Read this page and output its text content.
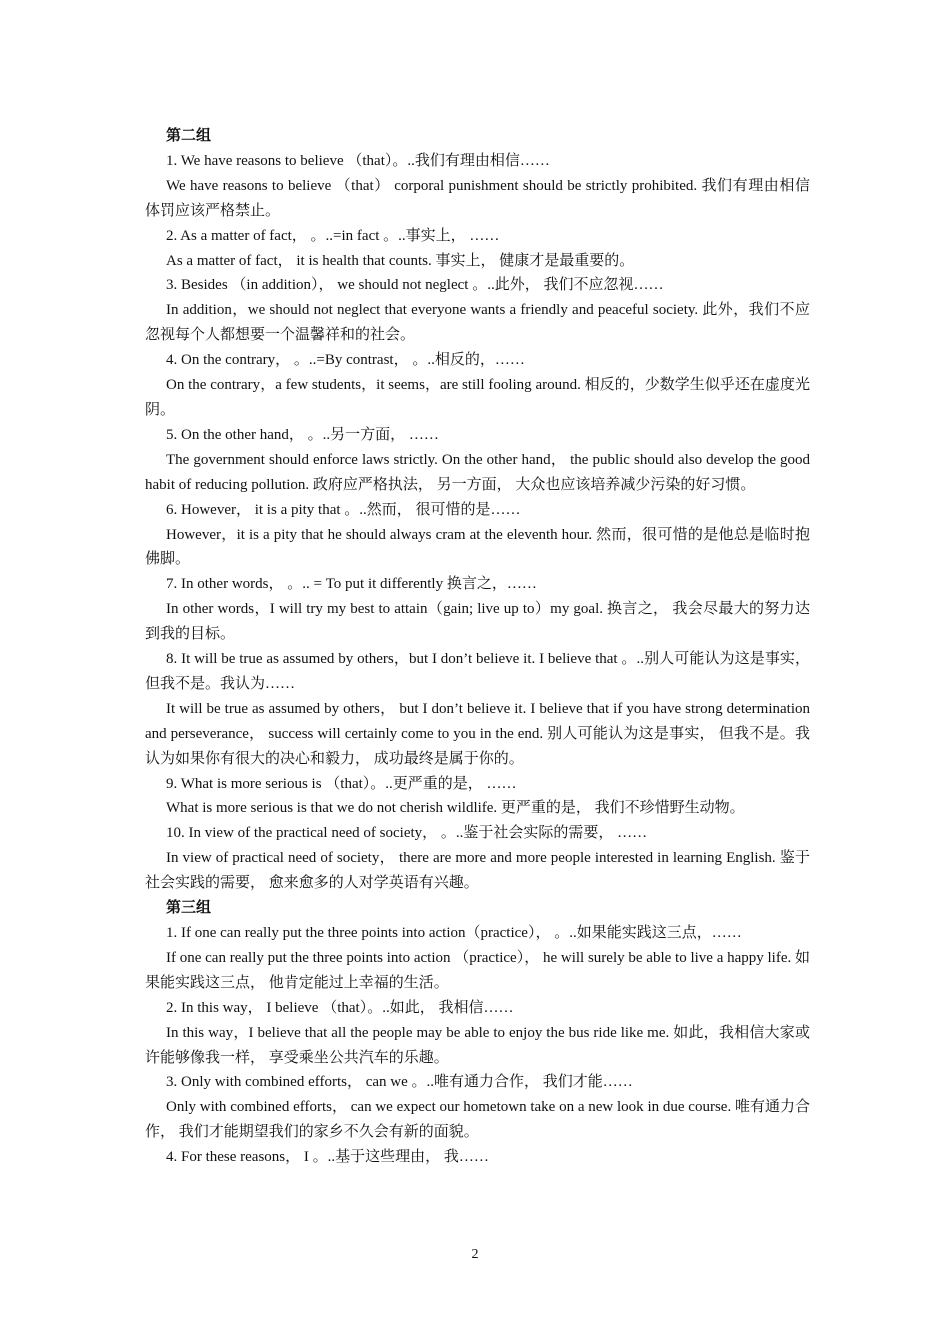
第二组

1. We have reasons to believe （that）。..我们有理由相信……

We have reasons to believe （that） corporal punishment should be strictly prohibited. 我们有理由相信体罚应该严格禁止。

2. As a matter of fact， 。..=in fact 。..事实上， ……

As a matter of fact， it is health that counts. 事实上， 健康才是最重要的。

3. Besides （in addition）， we should not neglect 。..此外， 我们不应忽视……

In addition，we should not neglect that everyone wants a friendly and peaceful society. 此外，我们不应忽视每个人都想要一个温馨祥和的社会。

4. On the contrary， 。..=By contrast， 。..相反的，……

On the contrary，a few students，it seems，are still fooling around. 相反的，少数学生似乎还在虚度光阴。

5. On the other hand， 。..另一方面， ……

The government should enforce laws strictly. On the other hand， the public should also develop the good habit of reducing pollution. 政府应严格执法， 另一方面， 大众也应该培养减少污染的好习惯。

6. However， it is a pity that 。..然而， 很可惜的是……

However，it is a pity that he should always cram at the eleventh hour. 然而，很可惜的是他总是临时抱佛脚。

7. In other words， 。.. = To put it differently 换言之，……

In other words，I will try my best to attain（gain; live up to）my goal. 换言之， 我会尽最大的努力达到我的目标。

8. It will be true as assumed by others，but I don’t believe it. I believe that 。..别人可能认为这是事实， 但我不是。我认为……

It will be true as assumed by others， but I don’t believe it. I believe that if you have strong determination and perseverance， success will certainly come to you in the end. 别人可能认为这是事实， 但我不是。我认为如果你有很大的决心和毅力， 成功最终是属于你的。

9. What is more serious is （that）。..更严重的是， ……

What is more serious is that we do not cherish wildlife. 更严重的是， 我们不珍惜野生动物。

10. In view of the practical need of society， 。..鉴于社会实际的需要， ……

In view of practical need of society， there are more and more people interested in learning English. 鉴于社会实践的需要， 愈来愈多的人对学英语有兴趣。

第三组

1. If one can really put the three points into action（practice）， 。..如果能实践这三点，……

If one can really put the three points into action （practice）， he will surely be able to live a happy life. 如果能实践这三点， 他肯定能过上幸福的生活。

2. In this way， I believe （that）。..如此， 我相信……

In this way，I believe that all the people may be able to enjoy the bus ride like me. 如此，我相信大家或许能够像我一样， 享受乘坐公共汽车的乐趣。

3. Only with combined efforts， can we 。..唯有通力合作， 我们才能……

Only with combined efforts， can we expect our hometown take on a new look in due course. 唯有通力合作， 我们才能期望我们的家乡不久会有新的面貌。

4. For these reasons， I 。..基于这些理由， 我……

2
